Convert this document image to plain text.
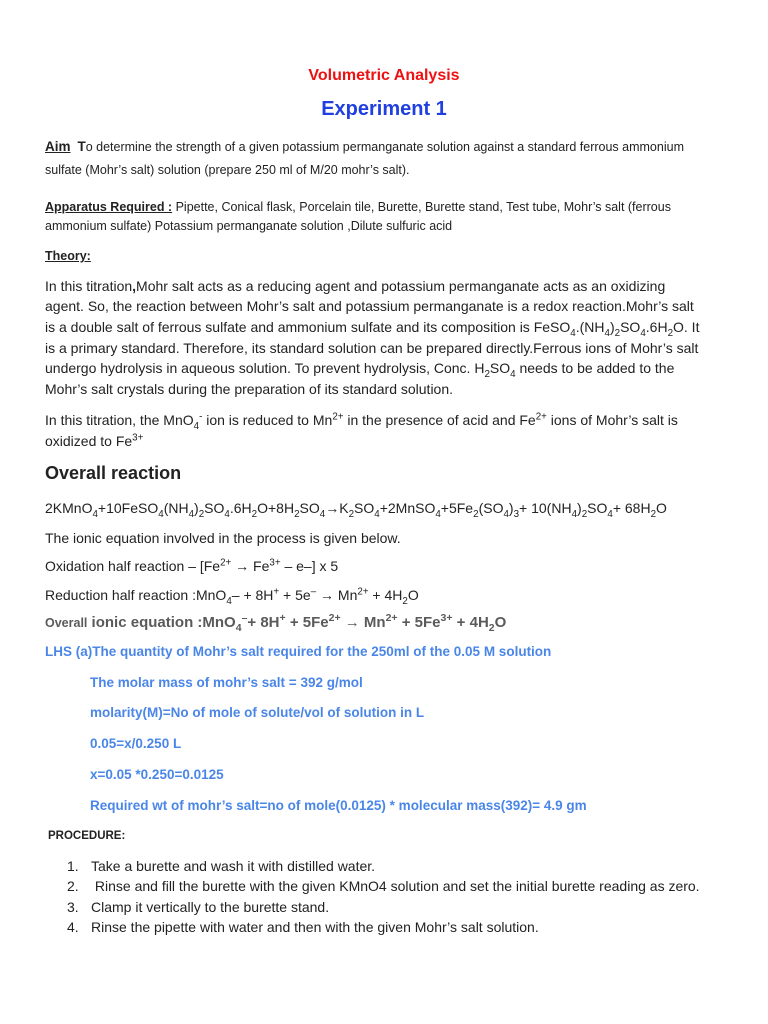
Volumetric Analysis
Experiment 1
Aim To determine the strength of a given potassium permanganate solution against a standard ferrous ammonium
sulfate (Mohr’s salt) solution (prepare 250 ml of M/20 mohr’s salt).
Apparatus Required : Pipette, Conical flask, Porcelain tile, Burette, Burette stand, Test tube, Mohr’s salt (ferrous
ammonium sulfate) Potassium permanganate solution ,Dilute sulfuric acid
Theory:
In this titration,Mohr salt acts as a reducing agent and potassium permanganate acts as an oxidizing
agent. So, the reaction between Mohr’s salt and potassium permanganate is a redox reaction.Mohr’s salt
is a double salt of ferrous sulfate and ammonium sulfate and its composition is $FeSO_4.(NH_4)_2SO_4.6H_2O$. It
is a primary standard. Therefore, its standard solution can be prepared directly.Ferrous ions of Mohr’s salt
undergo hydrolysis in aqueous solution. To prevent hydrolysis, Conc. $H_2SO_4$ needs to be added to the
Mohr’s salt crystals during the preparation of its standard solution.
In this titration, the MnO$_4$- ion is reduced to $Mn^{2+}$ in the presence of acid and $Fe^{2+}$ ions of Mohr’s salt is
oxidized to $Fe^{3+}$
Overall reaction
$2KMnO_4+10FeSO_4(NH_4)_2SO_4.6H_2O+8H_2SO_4\to K_2SO_4+2MnSO_4+5Fe_2(SO_4)_3+ 10(NH_4)_2SO_4+ 68H_2O$
The ionic equation involved in the process is given below.
Oxidation half reaction – $[Fe^{2+} \to Fe^{3+} - e-]$ x 5
Reduction half reaction :MnO$_4$– + $8H^+ + 5e^- \to Mn^{2+} + 4H_2O$
Overall ionic equation :MnO$_4$–+ $8H^+ + 5Fe^{2+} \to Mn^{2+} + 5Fe^{3+} + 4H_2O$
LHS (a)The quantity of Mohr’s salt required for the 250ml of the 0.05 M solution
The molar mass of mohr’s salt = 392 g/mol
molarity(M)=No of mole of solute/vol of solution in L
0.05=x/0.250 L
x=0.05 *0.250=0.0125
Required wt of mohr’s salt=no of mole(0.0125) * molecular mass(392)= 4.9 gm
PROCEDURE:
1. Take a burette and wash it with distilled water.
2. Rinse and fill the burette with the given KMnO4 solution and set the initial burette reading as zero.
3. Clamp it vertically to the burette stand.
4. Rinse the pipette with water and then with the given Mohr’s salt solution.
